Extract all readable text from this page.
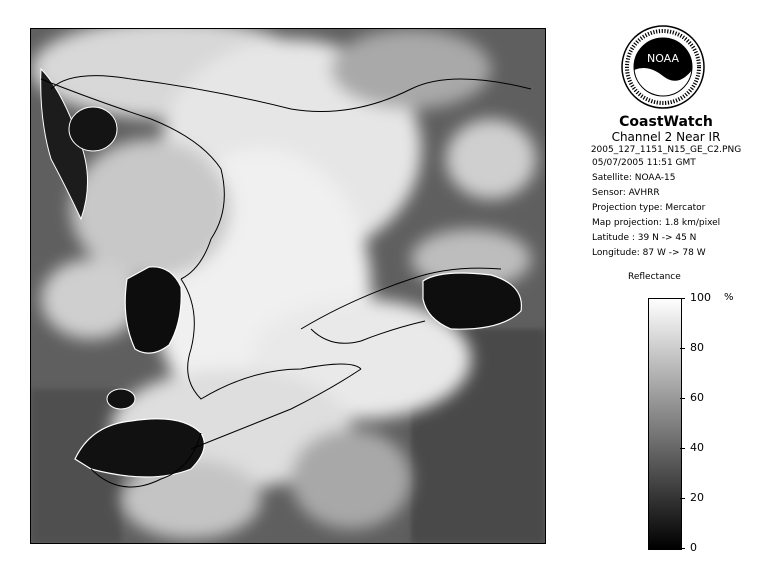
NOAA
CoastWatch
Channel 2 Near IR
2005_127_1151_N15_GE_C2.PNG
05/07/2005 11:51 GMT
Satellite: NOAA-15
Sensor: AVHRR
Projection type: Mercator
Map projection: 1.8 km/pixel
Latitude : 39 N -> 45 N
Longitude: 87 W -> 78 W
Reflectance
%
100
80
60
40
20
0
